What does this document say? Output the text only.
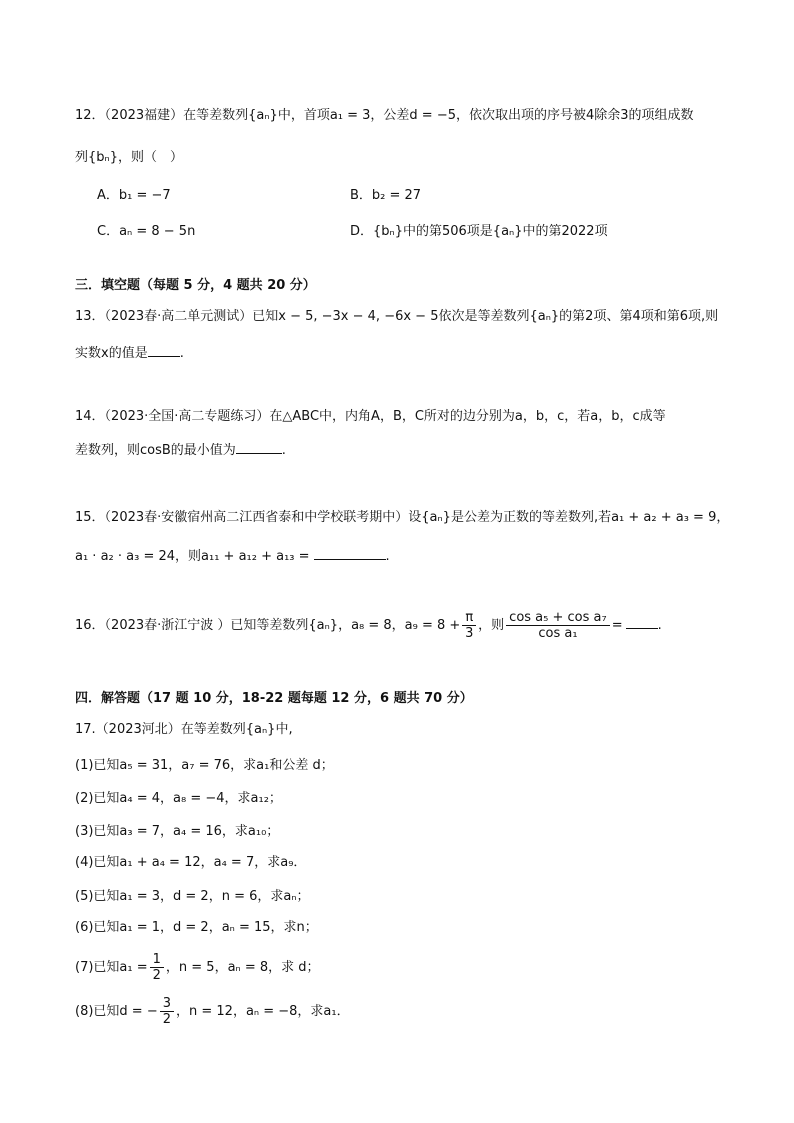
12．（2023福建）在等差数列{aₙ}中，首项a₁ = 3，公差d = −5，依次取出项的序号被4除余3的项组成数
列{bₙ}，则（　）
A．b₁ = −7	B．b₂ = 27
C．aₙ = 8 − 5n	D．{bₙ}中的第506项是{aₙ}中的第2022项
三．填空题（每题 5 分，4 题共 20 分）
13．（2023春·高二单元测试）已知x − 5, −3x − 4, −6x − 5依次是等差数列{aₙ}的第2项、第4项和第6项,则
实数x的值是 .
14．（2023·全国·高二专题练习）在△ABC中，内角A，B，C所对的边分别为a，b，c，若a，b，c成等
差数列，则cosB的最小值为	.
15．（2023春·安徽宿州高二江西省泰和中学校联考期中）设{aₙ}是公差为正数的等差数列,若a₁ + a₂ + a₃ = 9，
a₁ · a₂ · a₃ = 24，则a₁₁ + a₁₂ + a₁₃ =	.
16．（2023春·浙江宁波 ）已知等差数列{aₙ}，a₈ = 8，$a_9 = 8 + \frac{\pi}{3}$ ，则 $\frac{\text{cos a₅ + cos a₇}}{\text{cos a₁}}$ =	.
四．解答题（17 题 10 分，18-22 题每题 12 分，6 题共 70 分）
17.（2023河北）在等差数列{aₙ}中,
(1)已知a₅ = 31，a₇ = 76，求a₁和公差 d；
(2)已知a₄ = 4，a₈ = −4，求a₁₂；
(3)已知a₃ = 7，a₄ = 16，求a₁₀；
(4)已知a₁ + a₄ = 12，a₄ = 7，求a₉．
(5)已知a₁ = 3，d = 2，n = 6，求aₙ；
(6)已知a₁ = 1，d = 2，aₙ = 15，求n；
(7)已知$a_1 = \frac{1}{2}$ ，n = 5，aₙ = 8，求 d；
(8)已知d = − $\frac{3}{2}$ ，n = 12，aₙ = −8，求a₁．
